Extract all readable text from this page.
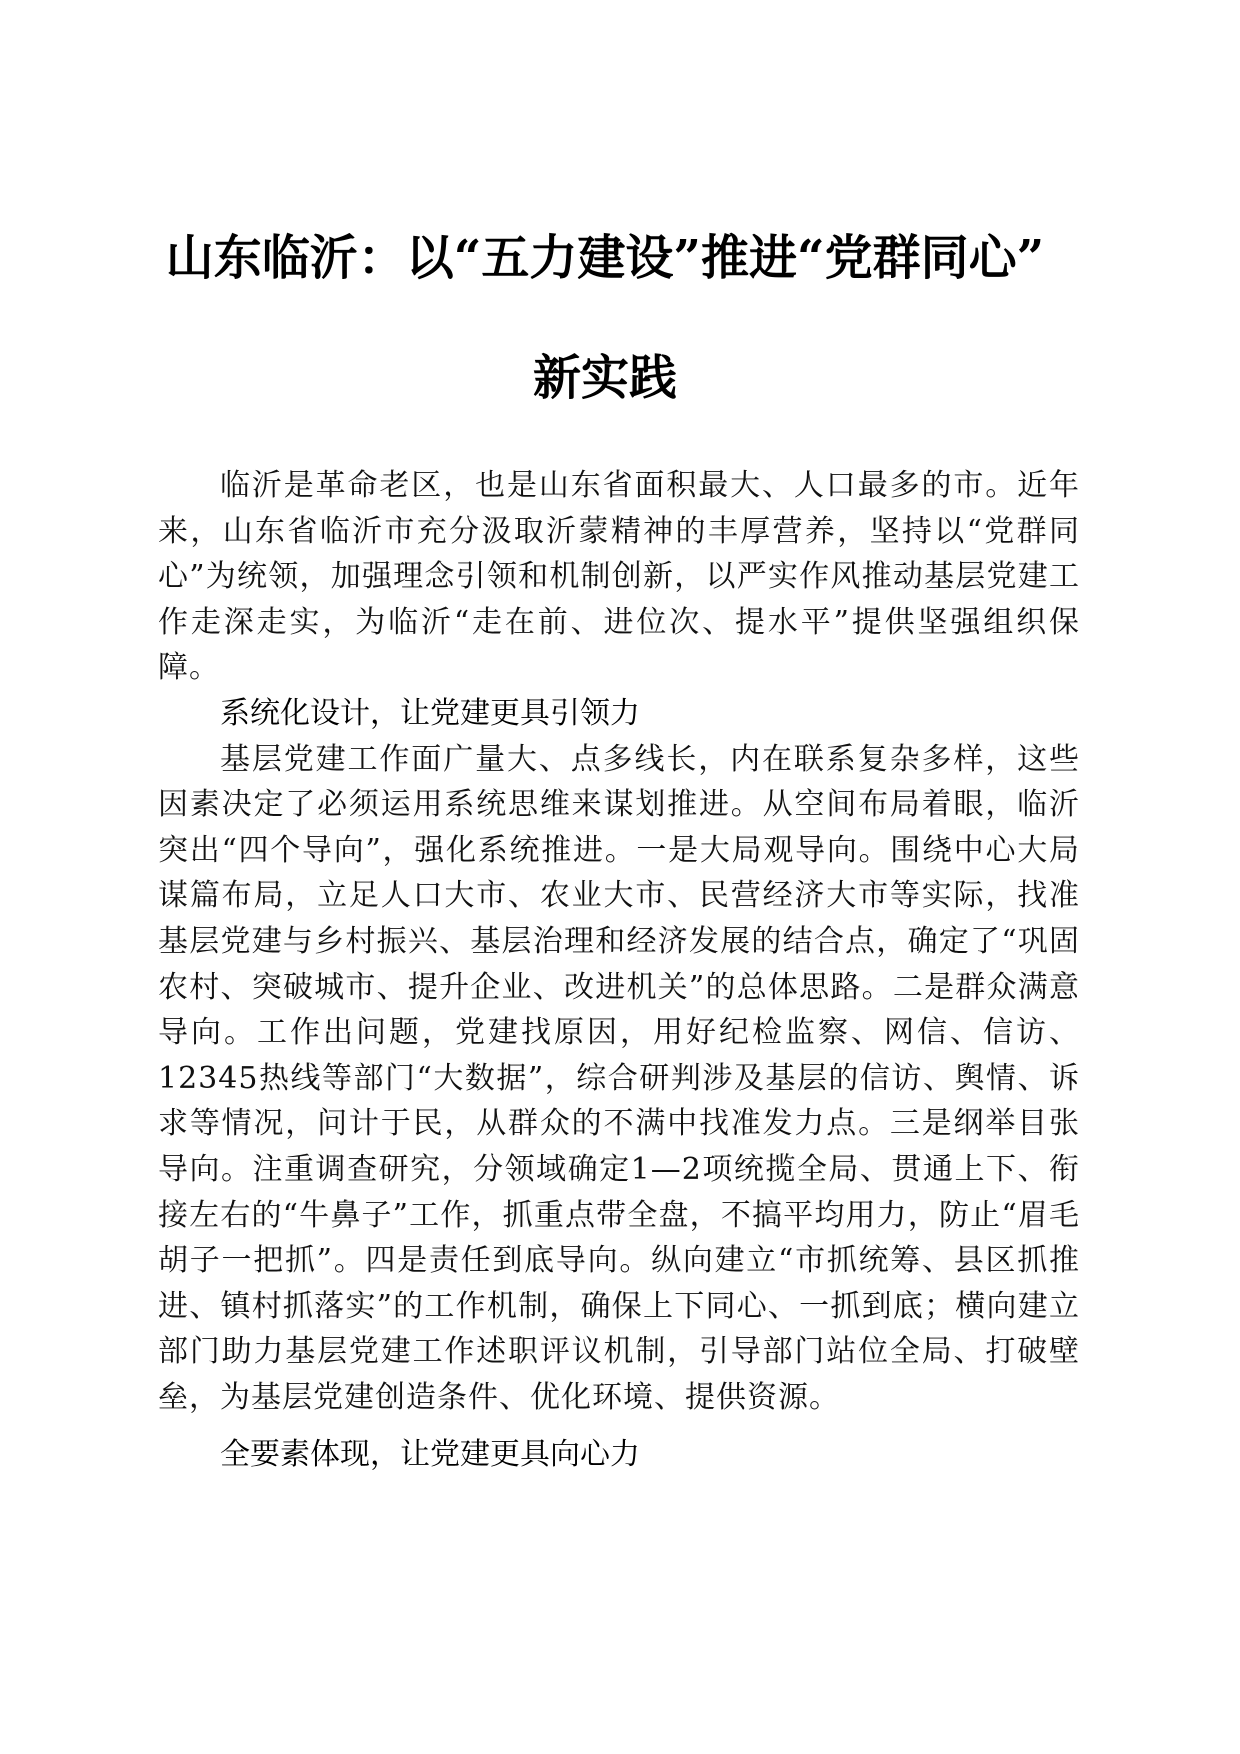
山东临沂：以“五力建设”推进“党群同心”
新实践

临沂是革命老区，也是山东省面积最大、人口最多的市。近年来，山东省临沂市充分汲取沂蒙精神的丰厚营养，坚持以“党群同心”为统领，加强理念引领和机制创新，以严实作风推动基层党建工作走深走实，为临沂“走在前、进位次、提水平”提供坚强组织保障。

系统化设计，让党建更具引领力

基层党建工作面广量大、点多线长，内在联系复杂多样，这些因素决定了必须运用系统思维来谋划推进。从空间布局着眼，临沂突出“四个导向”，强化系统推进。一是大局观导向。围绕中心大局谋篇布局，立足人口大市、农业大市、民营经济大市等实际，找准基层党建与乡村振兴、基层治理和经济发展的结合点，确定了“巩固农村、突破城市、提升企业、改进机关”的总体思路。二是群众满意导向。工作出问题，党建找原因，用好纪检监察、网信、信访、12345热线等部门“大数据”，综合研判涉及基层的信访、舆情、诉求等情况，问计于民，从群众的不满中找准发力点。三是纲举目张导向。注重调查研究，分领域确定1—2项统揽全局、贯通上下、衔接左右的“牛鼻子”工作，抓重点带全盘，不搞平均用力，防止“眉毛胡子一把抓”。四是责任到底导向。纵向建立“市抓统筹、县区抓推进、镇村抓落实”的工作机制，确保上下同心、一抓到底；横向建立部门助力基层党建工作述职评议机制，引导部门站位全局、打破壁垒，为基层党建创造条件、优化环境、提供资源。

全要素体现，让党建更具向心力
